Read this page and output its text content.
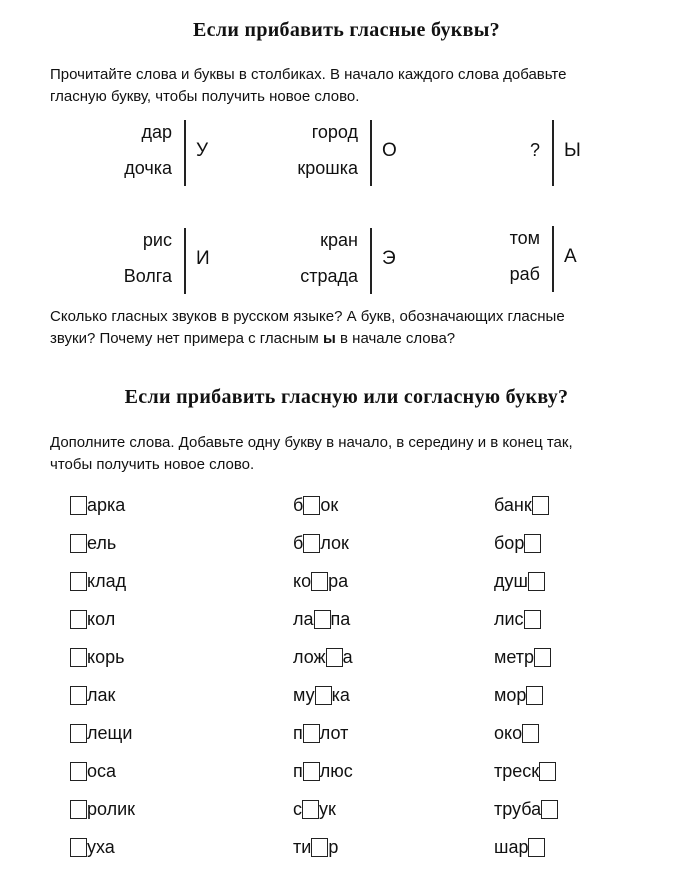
Если прибавить гласные буквы?
Прочитайте слова и буквы в столбиках. В начало каждого слова добавьте
гласную букву, чтобы получить новое слово.
дар
дочка
У
город
крошка
О	? Ы
рис
Волга
И
кран
страда
Э
том
раб
А
Сколько гласных звуков в русском языке? А букв, обозначающих гласные
звуки? Почему нет примера с гласным ы в начале слова?
Если прибавить гласную или согласную букву?
Дополните слова. Добавьте одну букву в начало, в середину и в конец так,
чтобы получить новое слово.
арка	б ок	банк
ель	б лок	бор
клад	ко ра	душ
кол	ла па	лис
корь	лож а	метр
лак	му ка	мор
лещи	п лот	око
оса	п люс	треск
ролик	с ук	труба
уха	ти р	шар
